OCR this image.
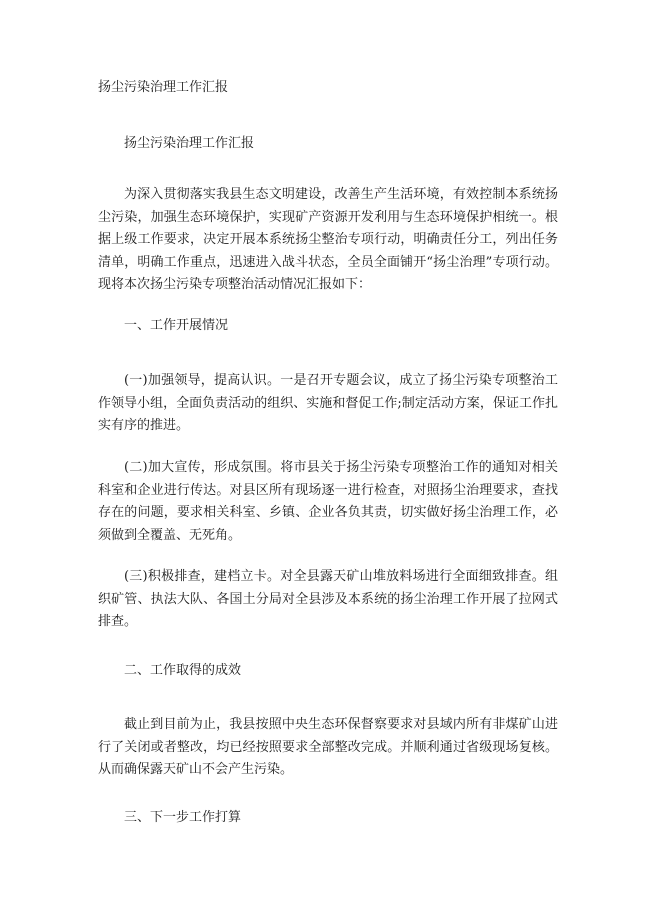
扬尘污染治理工作汇报

扬尘污染治理工作汇报

为深入贯彻落实我县生态文明建设，改善生产生活环境，有效控制本系统扬尘污染，加强生态环境保护，实现矿产资源开发利用与生态环境保护相统一。根据上级工作要求，决定开展本系统扬尘整治专项行动，明确责任分工，列出任务清单，明确工作重点，迅速进入战斗状态，全员全面铺开“扬尘治理”专项行动。现将本次扬尘污染专项整治活动情况汇报如下：

一、工作开展情况

(一)加强领导，提高认识。一是召开专题会议，成立了扬尘污染专项整治工作领导小组，全面负责活动的组织、实施和督促工作;制定活动方案，保证工作扎实有序的推进。

(二)加大宣传，形成氛围。将市县关于扬尘污染专项整治工作的通知对相关科室和企业进行传达。对县区所有现场逐一进行检查，对照扬尘治理要求，查找存在的问题，要求相关科室、乡镇、企业各负其责，切实做好扬尘治理工作，必须做到全覆盖、无死角。

(三)积极排查，建档立卡。对全县露天矿山堆放料场进行全面细致排查。组织矿管、执法大队、各国土分局对全县涉及本系统的扬尘治理工作开展了拉网式排查。

二、工作取得的成效

截止到目前为止，我县按照中央生态环保督察要求对县域内所有非煤矿山进行了关闭或者整改，均已经按照要求全部整改完成。并顺利通过省级现场复核。从而确保露天矿山不会产生污染。

三、下一步工作打算
